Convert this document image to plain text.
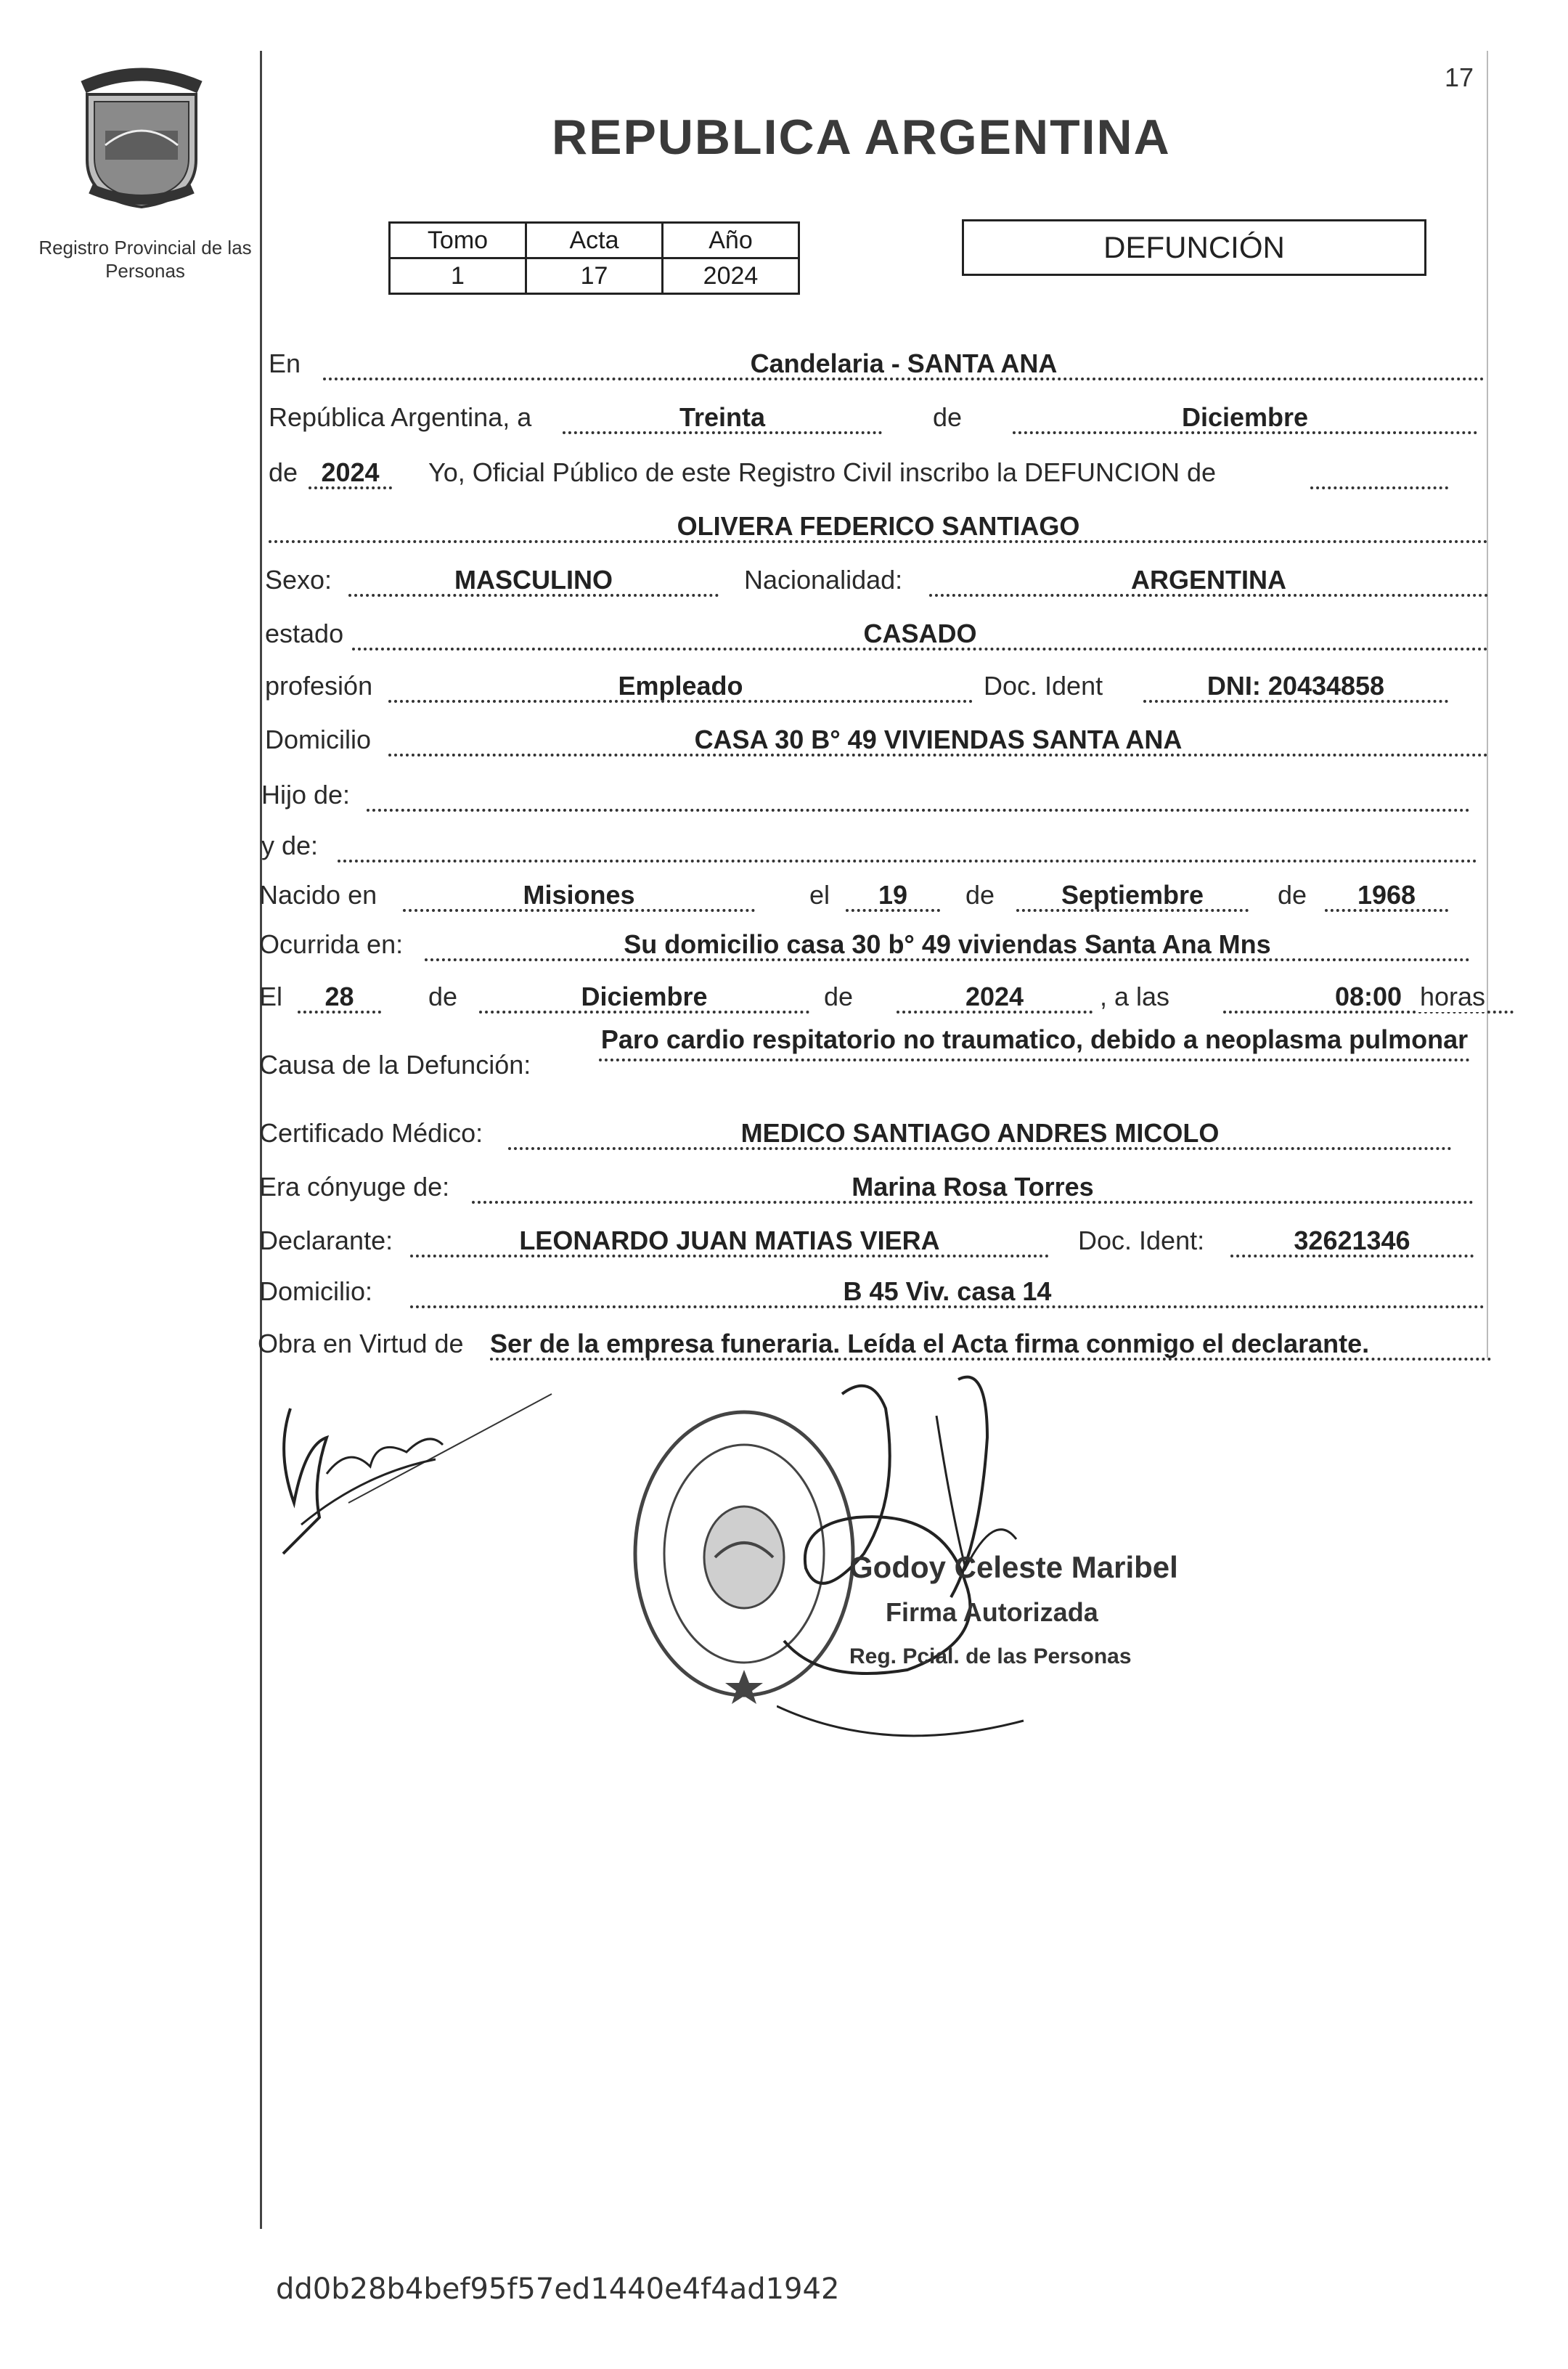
17
Registro Provincial de las Personas
REPUBLICA ARGENTINA
Tomo	Acta	Año
1	17	2024
DEFUNCIÓN
En	Candelaria - SANTA ANA
República Argentina, a	Treinta	de	Diciembre
de 2024	Yo, Oficial Público de este Registro Civil inscribo la DEFUNCION de
OLIVERA FEDERICO SANTIAGO
Sexo:	MASCULINO	Nacionalidad:	ARGENTINA
estado	CASADO
profesión	Empleado	Doc. Ident	DNI: 20434858
Domicilio	CASA 30 B° 49 VIVIENDAS SANTA ANA
Hijo de:
y de:
Nacido en	Misiones	el	19	de	Septiembre	de	1968
Ocurrida en:	Su domicilio casa 30 b° 49 viviendas Santa Ana Mns
El	28	de	Diciembre	de	2024	, a las	08:00 horas
Causa de la Defunción:
Paro cardio respitatorio no traumatico, debido a neoplasma pulmonar
Certificado Médico:	MEDICO SANTIAGO ANDRES MICOLO
Era cónyuge de:	Marina Rosa Torres
Declarante:	LEONARDO JUAN MATIAS VIERA	Doc. Ident:	32621346
Domicilio:	B 45 Viv. casa 14
Obra en Virtud de Ser de la empresa funeraria. Leída el Acta firma conmigo el declarante.
Godoy Celeste Maribel
Firma Autorizada
Reg. Pcial. de las Personas
dd0b28b4bef95f57ed1440e4f4ad1942
